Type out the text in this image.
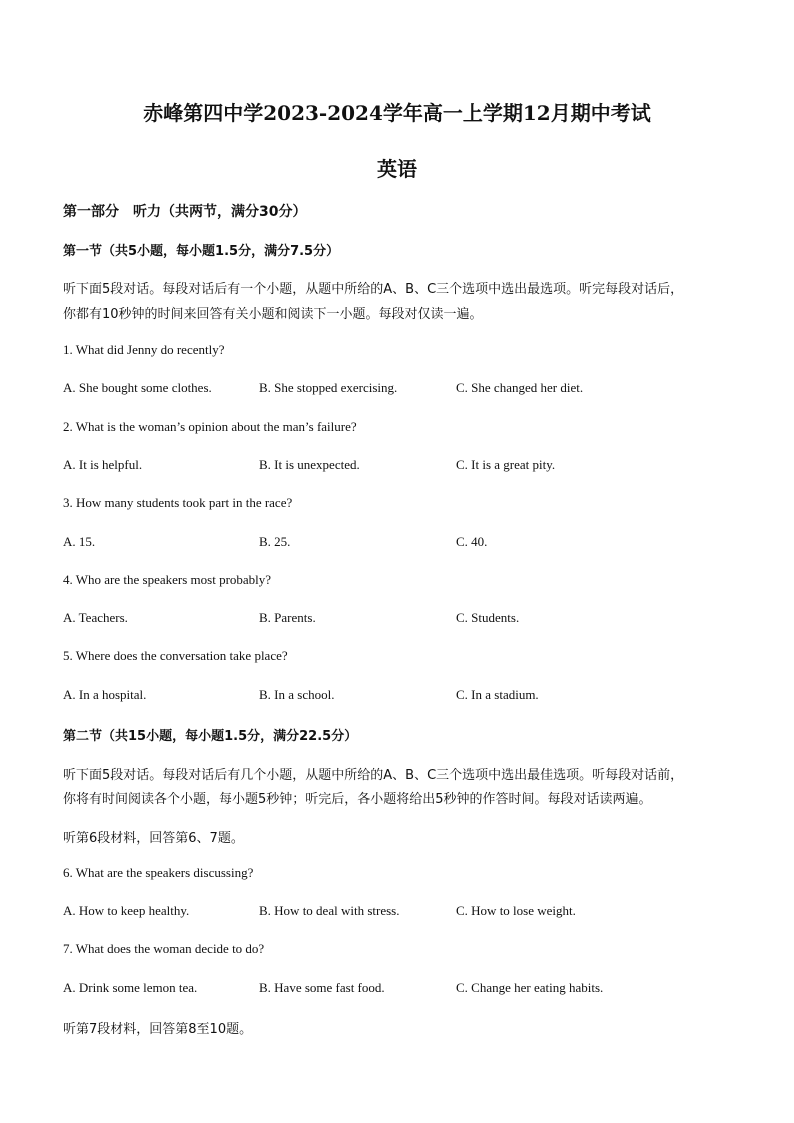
赤峰第四中学2023-2024学年高一上学期12月期中考试
英语
第一部分　听力（共两节，满分30分）
第一节（共5小题，每小题1.5分，满分7.5分）
听下面5段对话。每段对话后有一个小题，从题中所给的A、B、C三个选项中选出最选项。听完每段对话后，
你都有10秒钟的时间来回答有关小题和阅读下一小题。每段对仅读一遍。
1. What did Jenny do recently?
A. She bought some clothes.	B. She stopped exercising.	C. She changed her diet.
2. What is the woman’s opinion about the man’s failure?
A. It is helpful.	B. It is unexpected.	C. It is a great pity.
3. How many students took part in the race?
A. 15.	B. 25.	C. 40.
4. Who are the speakers most probably?
A. Teachers.	B. Parents.	C. Students.
5. Where does the conversation take place?
A. In a hospital.	B. In a school.	C. In a stadium.
第二节（共15小题，每小题1.5分，满分22.5分）
听下面5段对话。每段对话后有几个小题，从题中所给的A、B、C三个选项中选出最佳选项。听每段对话前，
你将有时间阅读各个小题，每小题5秒钟；听完后，各小题将给出5秒钟的作答时间。每段对话读两遍。
听第6段材料，回答第6、7题。
6. What are the speakers discussing?
A. How to keep healthy.	B. How to deal with stress.	C. How to lose weight.
7. What does the woman decide to do?
A. Drink some lemon tea.	B. Have some fast food.	C. Change her eating habits.
听第7段材料，回答第8至10题。
